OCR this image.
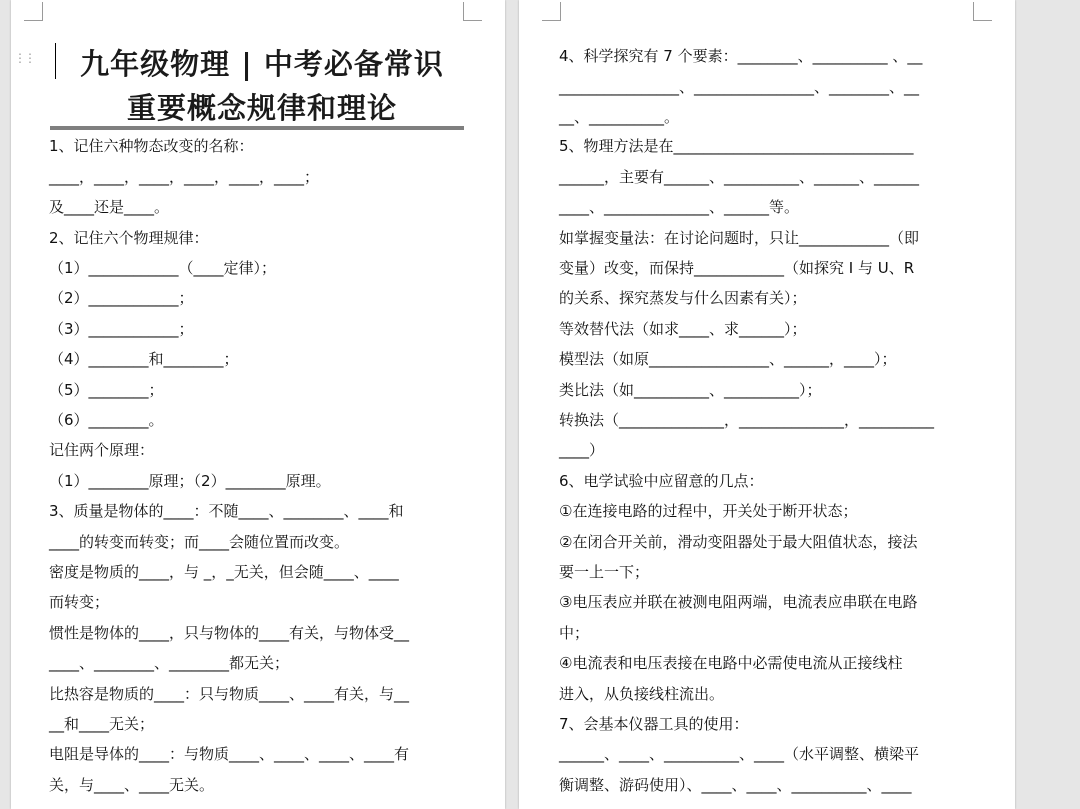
⋮⋮	九年级物理 | 中考必备常识
重要概念规律和理论
1、记住六种物态改变的名称：
____，____，____，____，____，____；
及____还是____。
2、记住六个物理规律：
（1）____________（____定律）；
（2）____________；
（3）____________；
（4）________和________；
（5）________；
（6）________。
记住两个原理：
（1）________原理；（2）________原理。
3、质量是物体的____：不随____、________、____和
____的转变而转变；而____会随位置而改变。
密度是物质的____，与 _，_无关，但会随____、____
而转变；
惯性是物体的____，只与物体的____有关，与物体受__
____、________、________都无关；
比热容是物质的____：只与物质____、____有关，与__
__和____无关；
电阻是导体的____：与物质____、____、____、____有
关，与____、____无关。
4、科学探究有 7 个要素：________、__________ 、__
________________、________________、________、__
__、__________。
5、物理方法是在________________________________
______，主要有______、__________、______、______
____、______________、______等。
如掌握变量法：在讨论问题时，只让____________（即
变量）改变，而保持____________（如探究 I 与 U、R
的关系、探究蒸发与什么因素有关）；
等效替代法（如求____、求______）；
模型法（如原________________、______，____）；
类比法（如__________、__________）；
转换法（______________，______________，__________
____）
6、电学试验中应留意的几点：
①在连接电路的过程中，开关处于断开状态；
②在闭合开关前，滑动变阻器处于最大阻值状态，接法
要一上一下；
③电压表应并联在被测电阻两端，电流表应串联在电路
中；
④电流表和电压表接在电路中必需使电流从正接线柱
进入，从负接线柱流出。
7、会基本仪器工具的使用：
______、____、__________、____（水平调整、横梁平
衡调整、游码使用）、____、____、__________、____
